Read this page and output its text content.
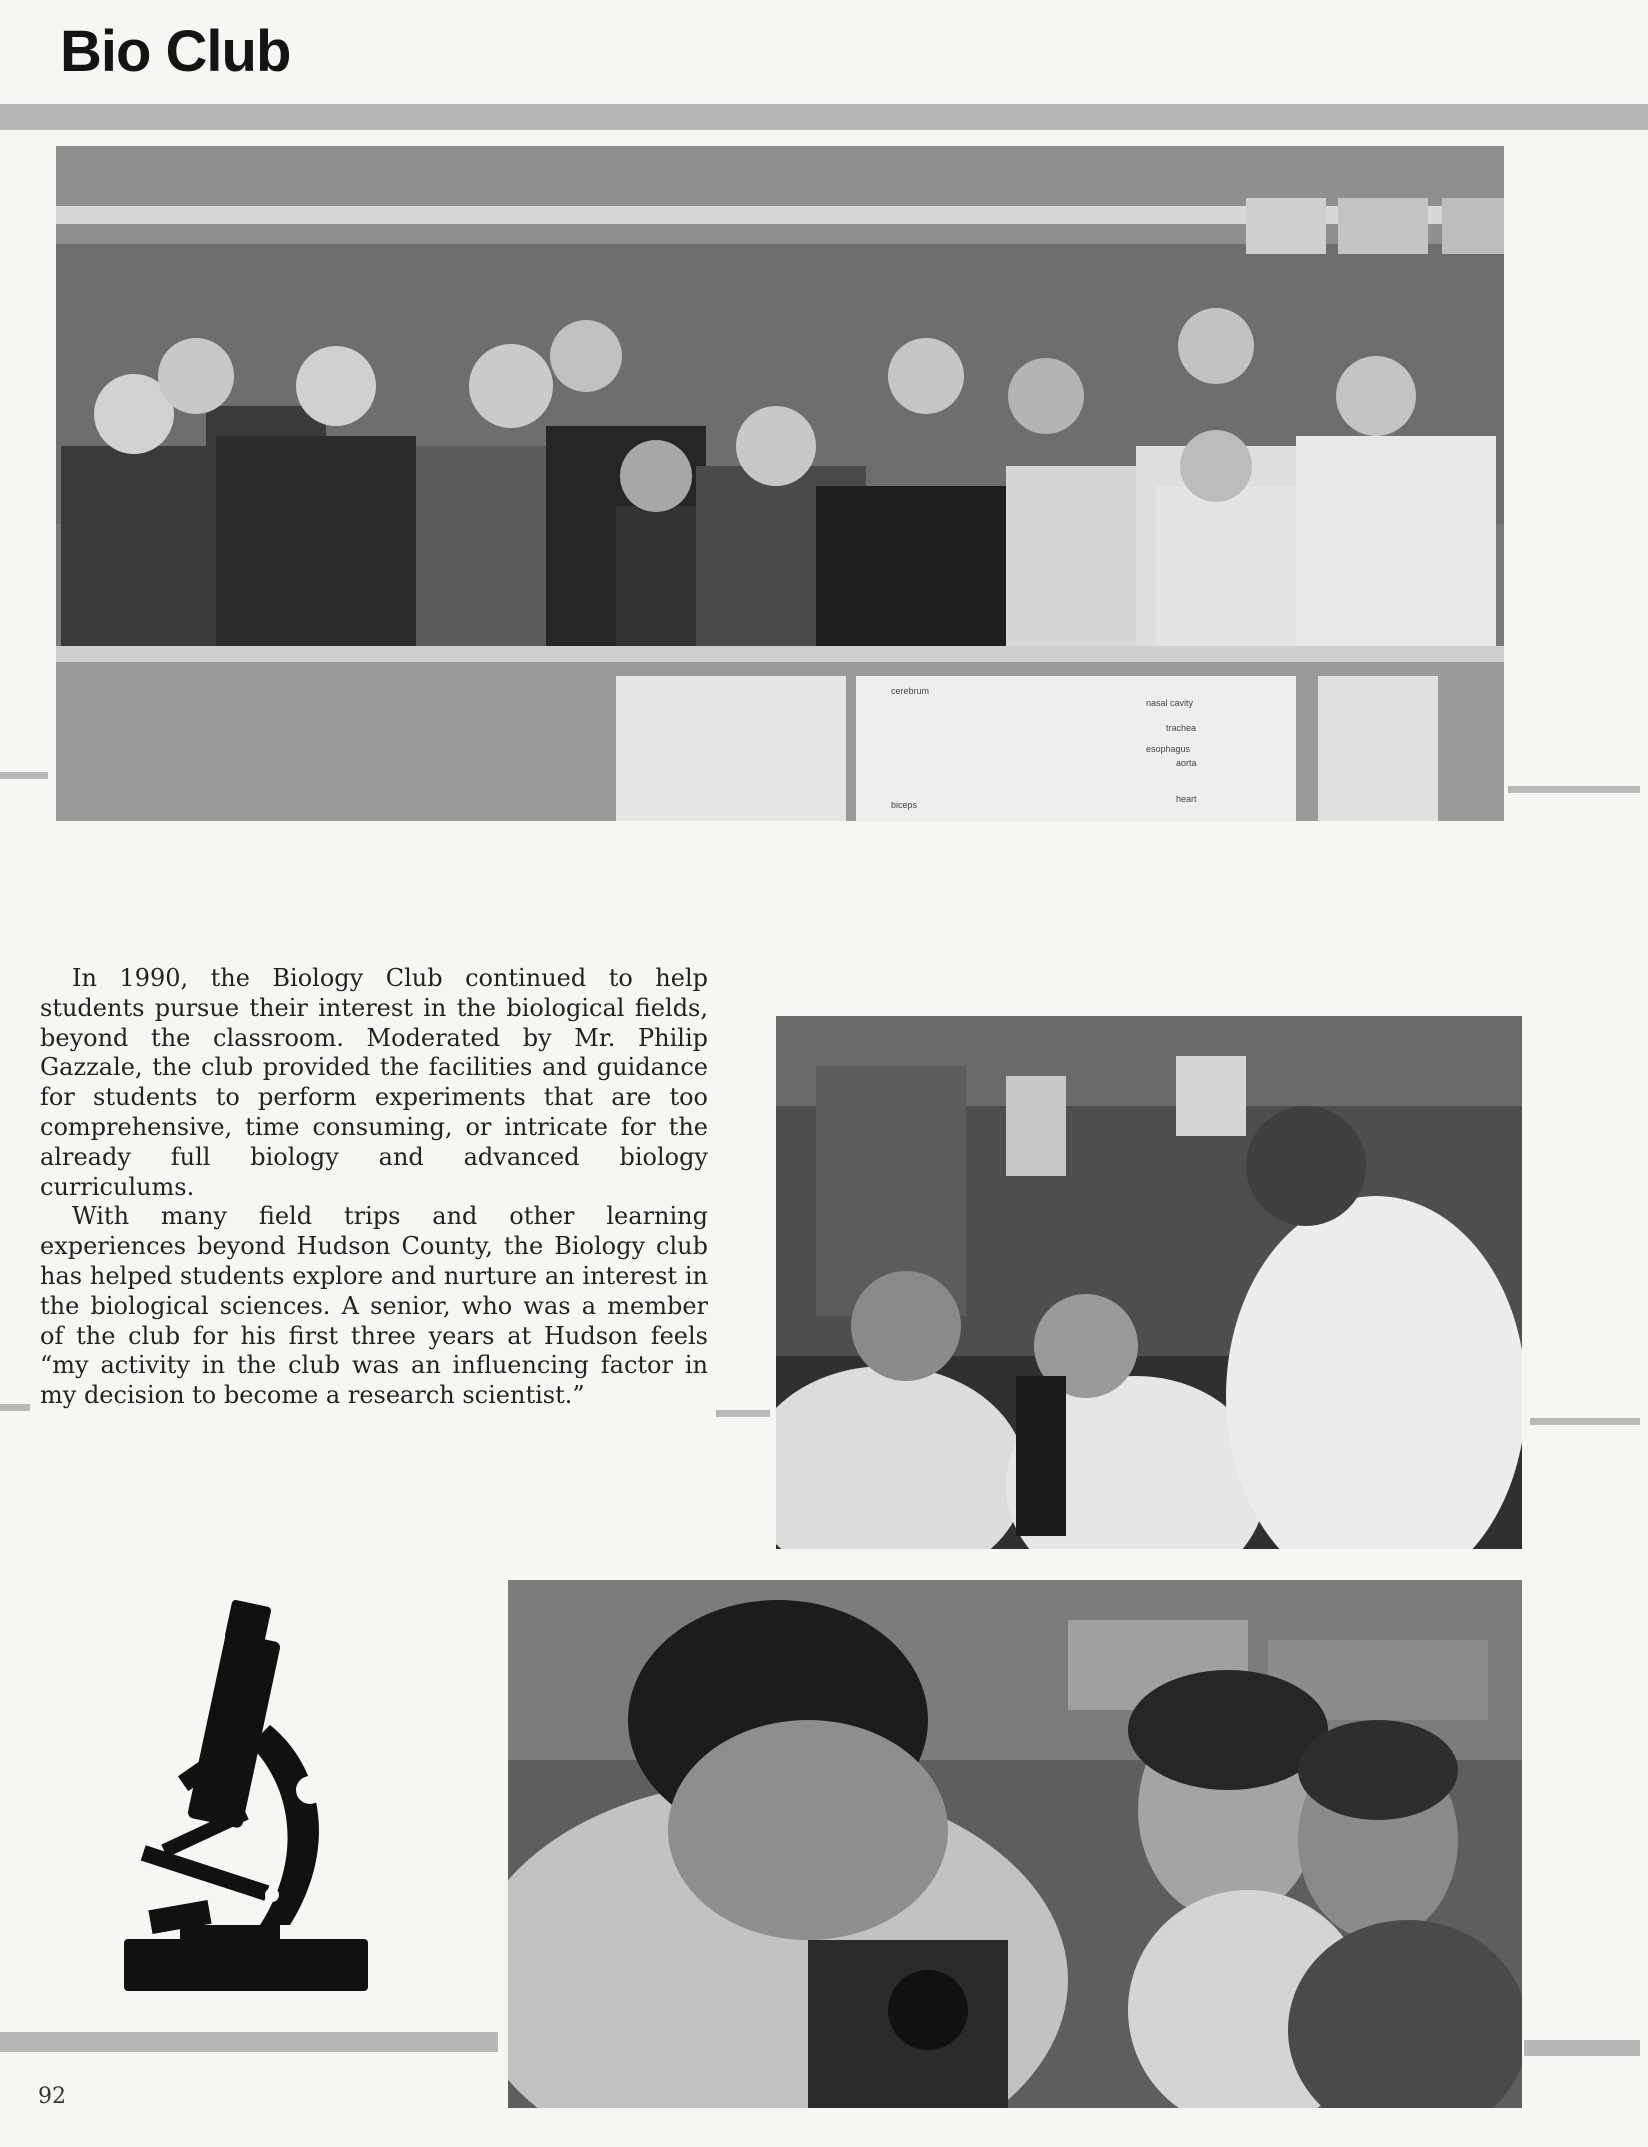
Bio Club
nasal cavity
trachea
esophagus
aorta
heart
biceps
cerebrum

In 1990, the Biology Club continued to help students pursue their interest in the biological fields, beyond the classroom. Moderated by Mr. Philip Gazzale, the club provided the facilities and guidance for students to perform experiments that are too comprehensive, time consuming, or intricate for the already full biology and advanced biology curriculums.

With many field trips and other learning experiences beyond Hudson County, the Biology club has helped students explore and nurture an interest in the biological sciences. A senior, who was a member of the club for his first three years at Hudson feels “my activity in the club was an influencing factor in my decision to become a research scientist.”

92
